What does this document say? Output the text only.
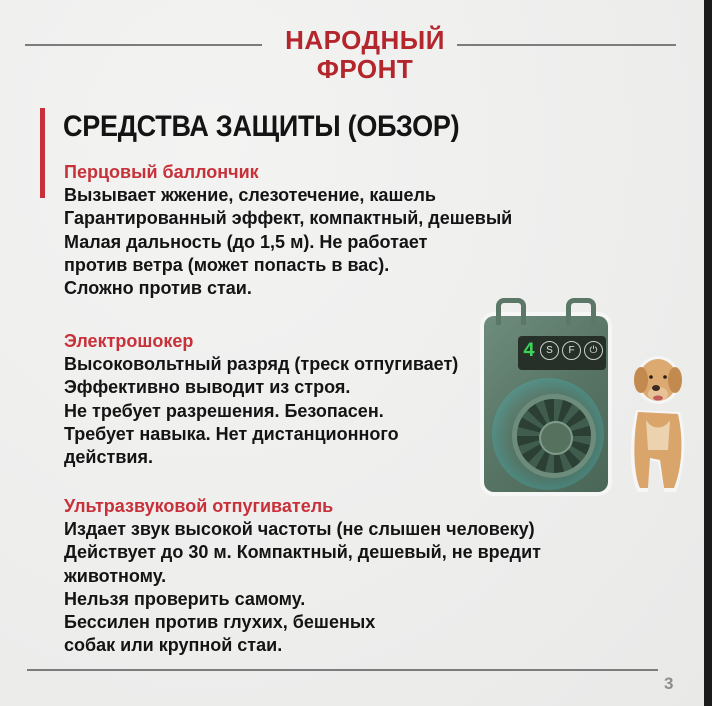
НАРОДНЫЙ
ФРОНТ
СРЕДСТВА ЗАЩИТЫ (ОБЗОР)
Перцовый баллончик
Вызывает жжение, слезотечение, кашель
Гарантированный эффект, компактный, дешевый
Малая дальность (до 1,5 м). Не работает
против ветра (может попасть в вас).
Сложно против стаи.
Электрошокер
Высоковольтный разряд (треск отпугивает)
Эффективно выводит из строя.
Не требует разрешения. Безопасен.
Требует навыка. Нет дистанционного
действия.
Ультразвуковой отпугиватель
Издает звук высокой частоты (не слышен человеку)
Действует до 30 м. Компактный, дешевый, не вредит
животному.
Нельзя проверить самому.
Бессилен против глухих, бешеных
собак или крупной стаи.
4	S	F	⏻
3
